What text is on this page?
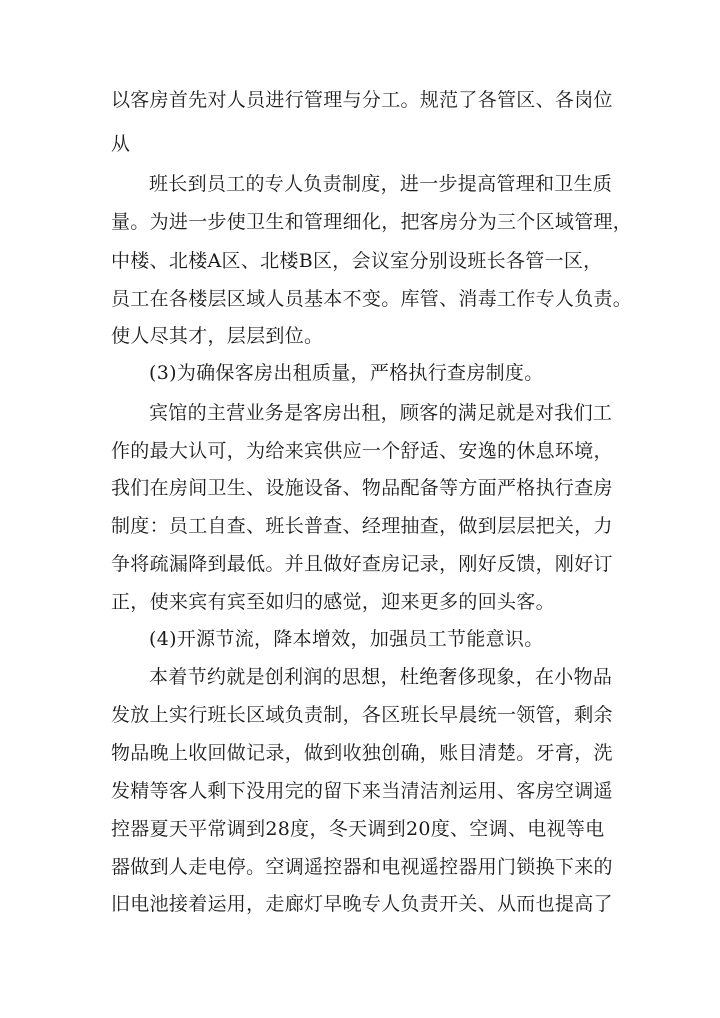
以客房首先对人员进行管理与分工。规范了各管区、各岗位
从
班长到员工的专人负责制度，进一步提高管理和卫生质
量。为进一步使卫生和管理细化，把客房分为三个区域管理，
中楼、北楼A区、北楼B区，会议室分别设班长各管一区，
员工在各楼层区域人员基本不变。库管、消毒工作专人负责。
使人尽其才，层层到位。
(3)为确保客房出租质量，严格执行查房制度。
宾馆的主营业务是客房出租，顾客的满足就是对我们工
作的最大认可，为给来宾供应一个舒适、安逸的休息环境，
我们在房间卫生、设施设备、物品配备等方面严格执行查房
制度：员工自查、班长普查、经理抽查，做到层层把关，力
争将疏漏降到最低。并且做好查房记录，刚好反馈，刚好订
正，使来宾有宾至如归的感觉，迎来更多的回头客。
(4)开源节流，降本增效，加强员工节能意识。
本着节约就是创利润的思想，杜绝奢侈现象，在小物品
发放上实行班长区域负责制，各区班长早晨统一领管，剩余
物品晚上收回做记录，做到收独创确，账目清楚。牙膏，洗
发精等客人剩下没用完的留下来当清洁剂运用、客房空调遥
控器夏天平常调到28度，冬天调到20度、空调、电视等电
器做到人走电停。空调遥控器和电视遥控器用门锁换下来的
旧电池接着运用，走廊灯早晚专人负责开关、从而也提高了
